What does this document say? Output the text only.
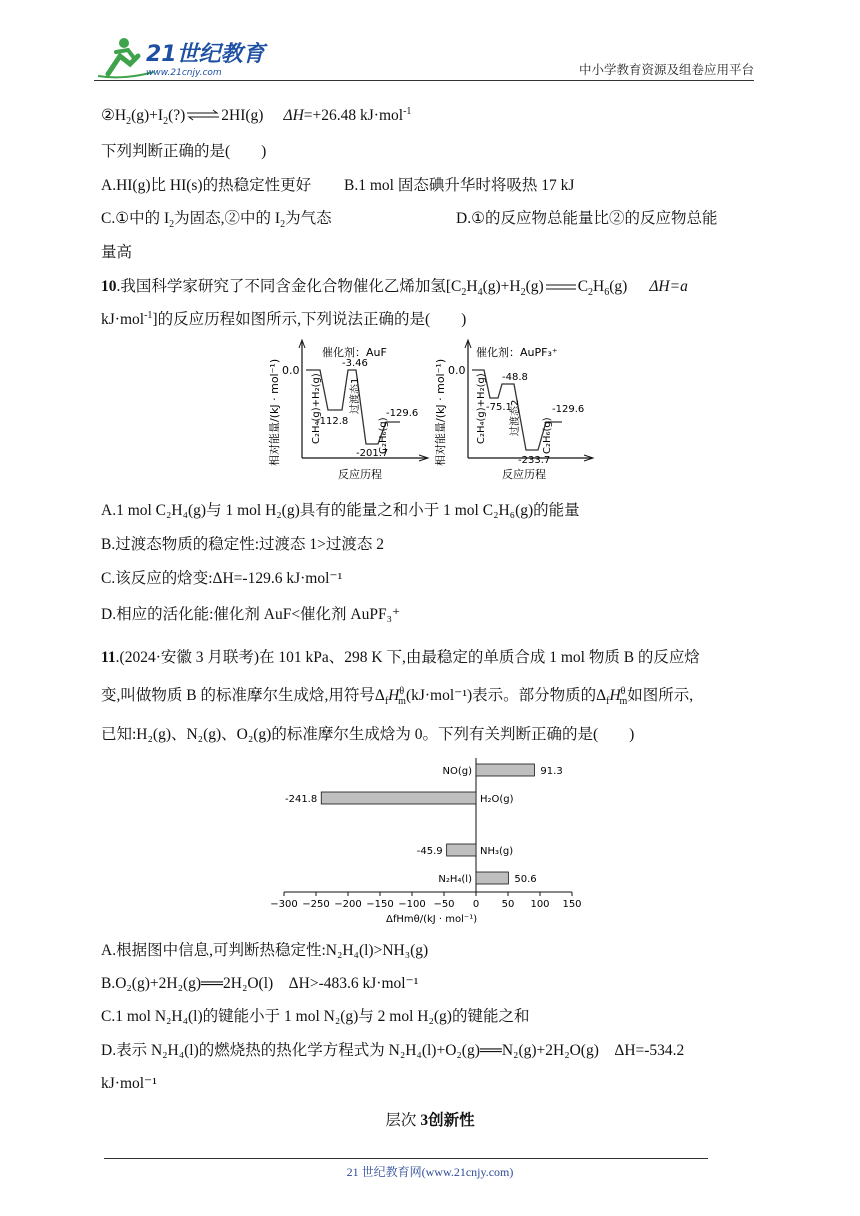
21世纪教育
www.21cnjy.com	中小学教育资源及组卷应用平台
$②H_2(g)+I_2(?)\rightleftharpoons 2HI(g)$ ΔH=+26.48 kJ·mol$^{-1}$
下列判断正确的是(　　)
A.HI(g)比 HI(s)的热稳定性更好 B.1 mol 固态碘升华时将吸热 17 kJ
C.①中的 $I_2$为固态,②中的 $I_2$为气态	D.①的反应物总能量比②的反应物总能
量高
10.我国科学家研究了不同含金化合物催化乙烯加氢[$C_2H_4(g)+H_2(g)$ $C_2H_6(g)$ ΔH=a
kJ·mol$^{-1}$]的反应历程如图所示,下列说法正确的是(　　)
相对能量/(kJ · mol⁻¹)
催化剂：AuF
0.0
C₂H₄(g)+H₂(g)	过渡态1
C₂H₆(g)
-3.46
-112.8
-201.7
-129.6
反应历程
相对能量/(kJ · mol⁻¹)
催化剂：AuPF₃⁺
0.0
C₂H₄(g)+H₂(g) 过渡态2 C₂H₆(g)
-48.8
-75.1
-233.7
-129.6
反应历程
A.1 mol C₂H₄(g)与 1 mol H₂(g)具有的能量之和小于 1 mol C₂H₆(g)的能量
B.过渡态物质的稳定性:过渡态 1>过渡态 2
C.该反应的焓变:ΔH=-129.6 kJ·mol⁻¹
D.相应的活化能:催化剂 AuF<催化剂 AuPF₃⁺
11.(2024·安徽 3 月联考)在 101 kPa、298 K 下,由最稳定的单质合成 1 mol 物质 B 的反应焓
变,叫做物质 B 的标准摩尔生成焓,用符号$\Delta_fH^\theta_m(kJ\cdot mol^{-1})$表示。部分物质的$\Delta_fH^\theta_m$如图所示,
已知:H₂(g)、N₂(g)、O₂(g)的标准摩尔生成焓为 0。下列有关判断正确的是(　　)
ΔfHmθ/(kJ · mol⁻¹)
−300 −250 −200 −150 −100 −50 0 50 100 150
NO(g)	91.3
H₂O(g)
-241.8
NH₃(g)
-45.9
N₂H₄(l)	50.6
A.根据图中信息,可判断热稳定性:N₂H₄(l)>NH₃(g)
B.O₂(g)+2H₂(g)══2H₂O(l)　ΔH>-483.6 kJ·mol⁻¹
C.1 mol N₂H₄(l)的键能小于 1 mol N₂(g)与 2 mol H₂(g)的键能之和
D.表示 N₂H₄(l)的燃烧热的热化学方程式为 N₂H₄(l)+O₂(g)══N₂(g)+2H₂O(g)　ΔH=-534.2
kJ·mol⁻¹
层次 3创新性
21 世纪教育网(www.21cnjy.com)
